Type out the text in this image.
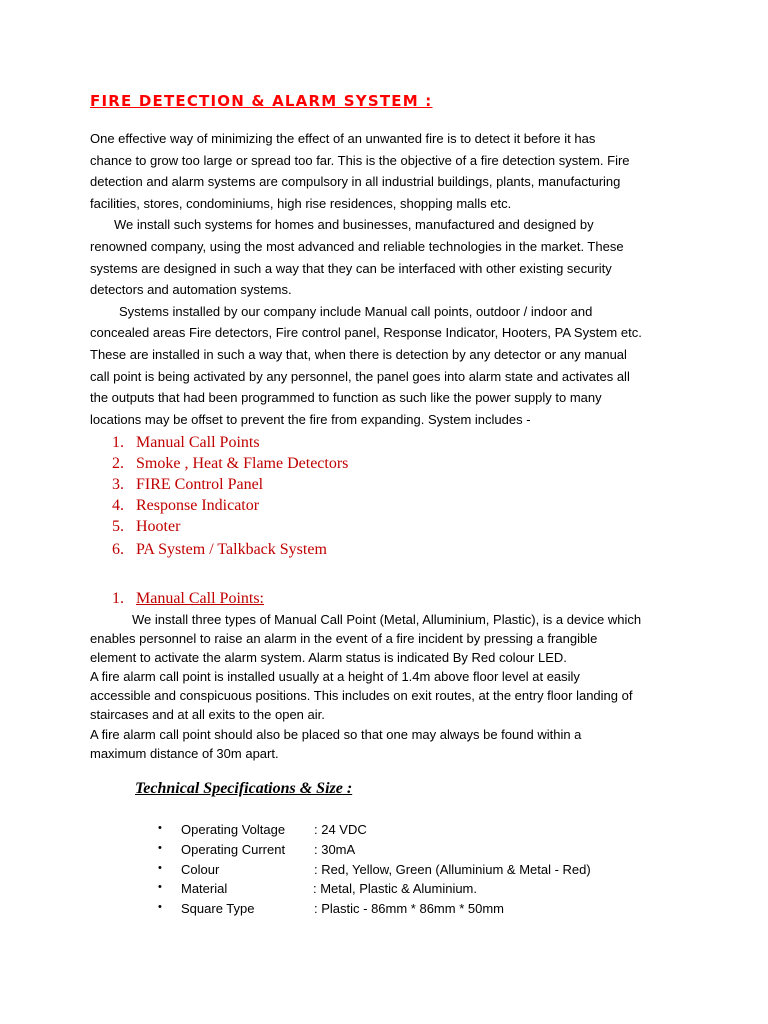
FIRE DETECTION & ALARM SYSTEM :
One effective way of minimizing the effect of an unwanted fire is to detect it before it has
chance to grow too large or spread too far. This is the objective of a fire detection system. Fire
detection and alarm systems are compulsory in all industrial buildings, plants, manufacturing
facilities, stores, condominiums, high rise residences, shopping malls etc.
We install such systems for homes and businesses, manufactured and designed by
renowned company, using the most advanced and reliable technologies in the market. These
systems are designed in such a way that they can be interfaced with other existing security
detectors and automation systems.
Systems installed by our company include Manual call points, outdoor / indoor and
concealed areas Fire detectors, Fire control panel, Response Indicator, Hooters, PA System etc.
These are installed in such a way that, when there is detection by any detector or any manual
call point is being activated by any personnel, the panel goes into alarm state and activates all
the outputs that had been programmed to function as such like the power supply to many
locations may be offset to prevent the fire from expanding. System includes -
1. Manual Call Points
2. Smoke , Heat & Flame Detectors
3. FIRE Control Panel
4. Response Indicator
5. Hooter
6. PA System / Talkback System
1. Manual Call Points:
We install three types of Manual Call Point (Metal, Alluminium, Plastic), is a device which
enables personnel to raise an alarm in the event of a fire incident by pressing a frangible
element to activate the alarm system. Alarm status is indicated By Red colour LED.
A fire alarm call point is installed usually at a height of 1.4m above floor level at easily
accessible and conspicuous positions. This includes on exit routes, at the entry floor landing of
staircases and at all exits to the open air.
A fire alarm call point should also be placed so that one may always be found within a
maximum distance of 30m apart.
Technical Specifications & Size :
• Operating Voltage : 24 VDC
• Operating Current : 30mA
• Colour	: Red, Yellow, Green (Alluminium & Metal - Red)
• Material	: Metal, Plastic & Aluminium.
• Square Type	: Plastic - 86mm * 86mm * 50mm
